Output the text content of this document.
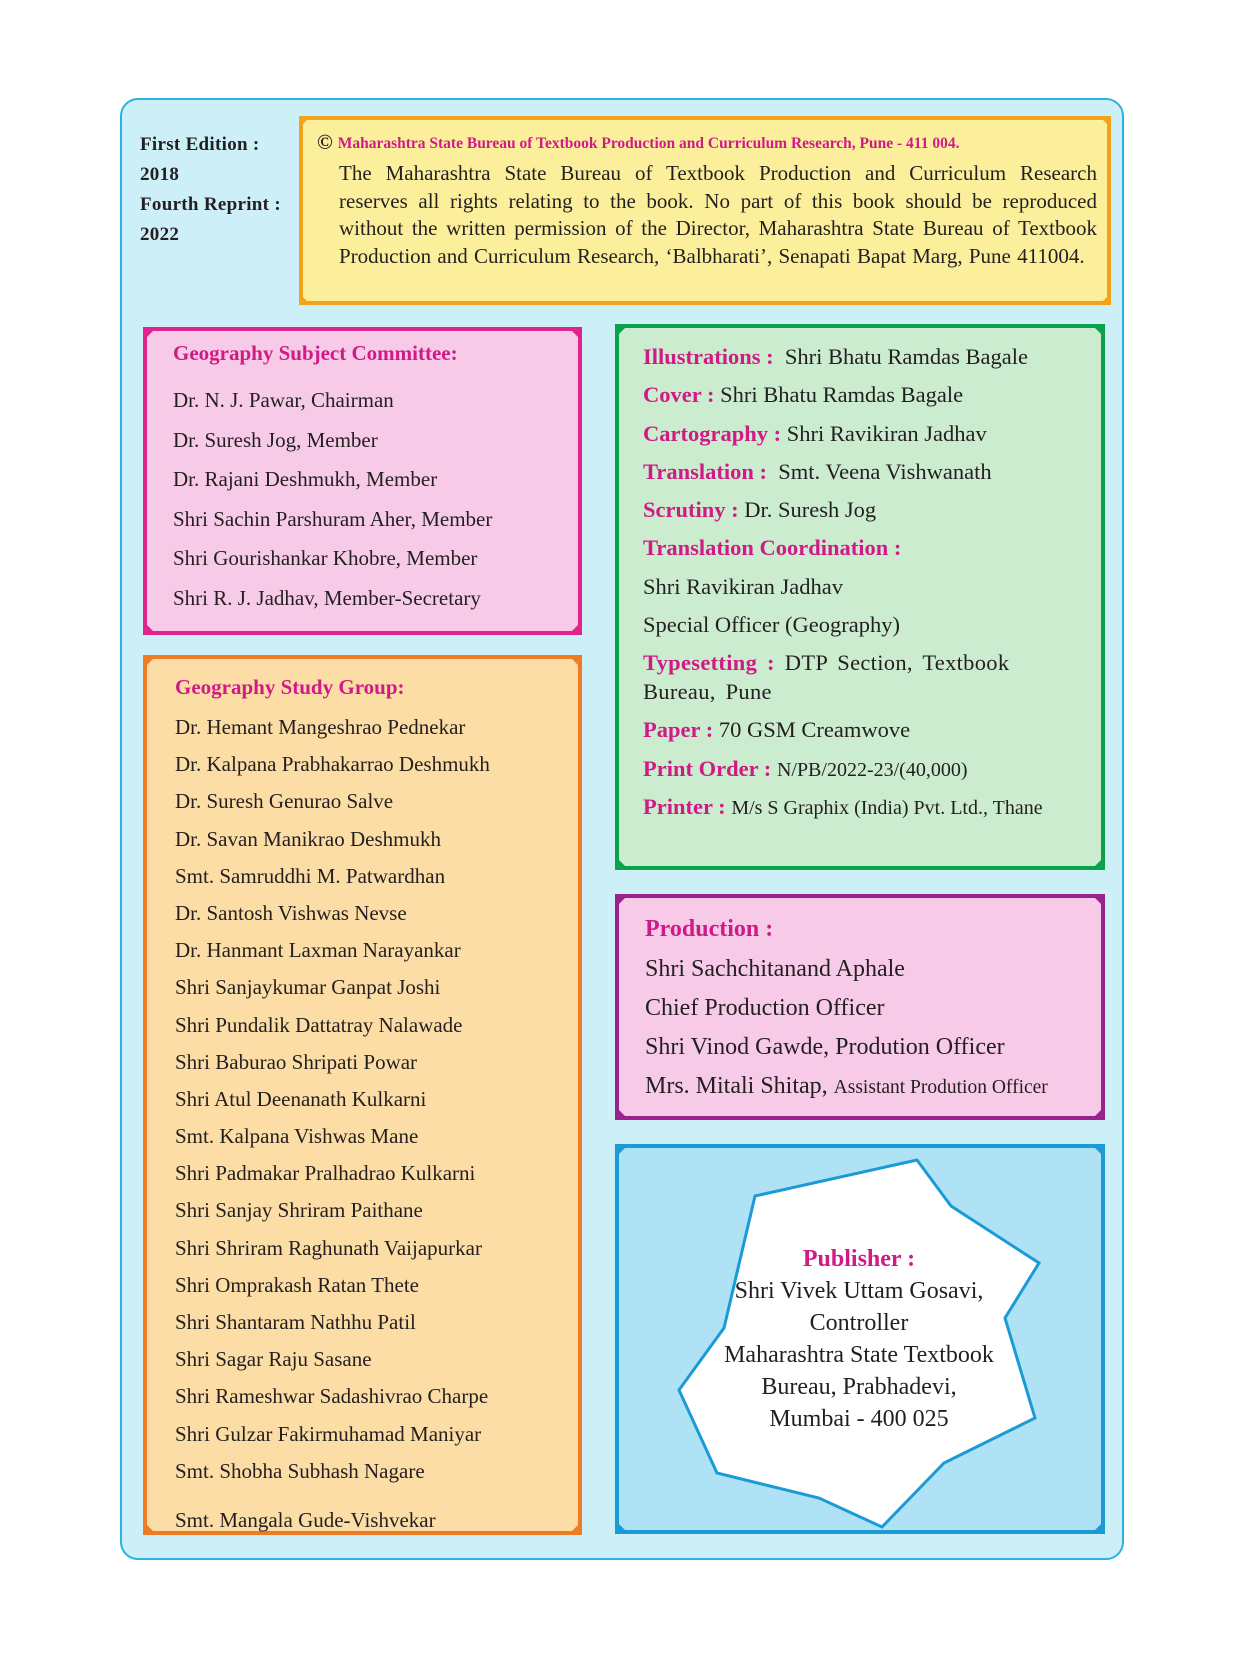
First Edition :
2018
Fourth Reprint :
2022
© Maharashtra State Bureau of Textbook Production and Curriculum Research, Pune - 411 004.
The Maharashtra State Bureau of Textbook Production and Curriculum Research reserves all rights relating to the book. No part of this book should be reproduced without the written permission of the Director, Maharashtra State Bureau of Textbook Production and Curriculum Research, ‘Balbharati’, Senapati Bapat Marg, Pune 411004.
Geography Subject Committee:
Dr. N. J. Pawar, Chairman
Dr. Suresh Jog, Member
Dr. Rajani Deshmukh, Member
Shri Sachin Parshuram Aher, Member
Shri Gourishankar Khobre, Member
Shri R. J. Jadhav, Member-Secretary
Geography Study Group:
Dr. Hemant Mangeshrao Pednekar
Dr. Kalpana Prabhakarrao Deshmukh
Dr. Suresh Genurao Salve
Dr. Savan Manikrao Deshmukh
Smt. Samruddhi M. Patwardhan
Dr. Santosh Vishwas Nevse
Dr. Hanmant Laxman Narayankar
Shri Sanjaykumar Ganpat Joshi
Shri Pundalik Dattatray Nalawade
Shri Baburao Shripati Powar
Shri Atul Deenanath Kulkarni
Smt. Kalpana Vishwas Mane
Shri Padmakar Pralhadrao Kulkarni
Shri Sanjay Shriram Paithane
Shri Shriram Raghunath Vaijapurkar
Shri Omprakash Ratan Thete
Shri Shantaram Nathhu Patil
Shri Sagar Raju Sasane
Shri Rameshwar Sadashivrao Charpe
Shri Gulzar Fakirmuhamad Maniyar
Smt. Shobha Subhash Nagare
Smt. Mangala Gude-Vishvekar
Illustrations : Shri Bhatu Ramdas Bagale
Cover : Shri Bhatu Ramdas Bagale
Cartography : Shri Ravikiran Jadhav
Translation : Smt. Veena Vishwanath
Scrutiny : Dr. Suresh Jog
Translation Coordination :
Shri Ravikiran Jadhav
Special Officer (Geography)
Typesetting : DTP Section, Textbook Bureau, Pune
Paper : 70 GSM Creamwove
Print Order : N/PB/2022-23/(40,000)
Printer : M/s S Graphix (India) Pvt. Ltd., Thane
Production :
Shri Sachchitanand Aphale
Chief Production Officer
Shri Vinod Gawde, Prodution Officer
Mrs. Mitali Shitap, Assistant Prodution Officer
Publisher :
Shri Vivek Uttam Gosavi,
Controller
Maharashtra State Textbook
Bureau, Prabhadevi,
Mumbai - 400 025
